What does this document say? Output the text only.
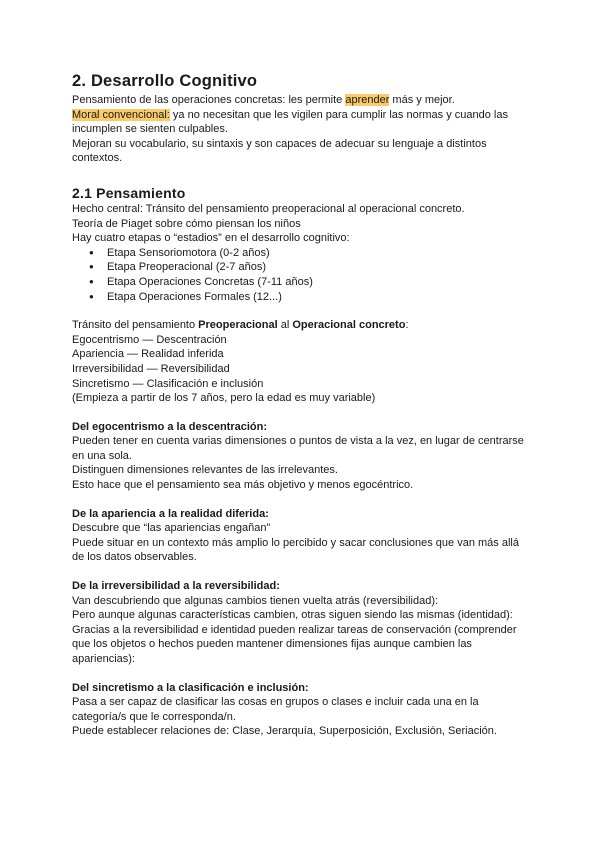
2. Desarrollo Cognitivo

Pensamiento de las operaciones concretas: les permite aprender más y mejor.

Moral convencional: ya no necesitan que les vigilen para cumplir las normas y cuando las incumplen se sienten culpables.

Mejoran su vocabulario, su sintaxis y son capaces de adecuar su lenguaje a distintos contextos.

2.1 Pensamiento

Hecho central: Tránsito del pensamiento preoperacional al operacional concreto.

Teoría de Piaget sobre cómo piensan los niños

Hay cuatro etapas o “estadios” en el desarrollo cognitivo:

● Etapa Sensoriomotora (0-2 años)
● Etapa Preoperacional (2-7 años)
● Etapa Operaciones Concretas (7-11 años)
● Etapa Operaciones Formales (12...)

Tránsito del pensamiento Preoperacional al Operacional concreto:

Egocentrismo — Descentración

Apariencia — Realidad inferida

Irreversibilidad — Reversibilidad

Sincretismo — Clasificación e inclusión

(Empieza a partir de los 7 años, pero la edad es muy variable)

Del egocentrismo a la descentración:

Pueden tener en cuenta varias dimensiones o puntos de vista a la vez, en lugar de centrarse en una sola.

Distinguen dimensiones relevantes de las irrelevantes.

Esto hace que el pensamiento sea más objetivo y menos egocéntrico.

De la apariencia a la realidad diferida:

Descubre que “las apariencias engañan”

Puede situar en un contexto más amplio lo percibido y sacar conclusiones que van más allá de los datos observables.

De la irreversibilidad a la reversibilidad:

Van descubriendo que algunas cambios tienen vuelta atrás (reversibilidad):

Pero aunque algunas características cambien, otras siguen siendo las mismas (identidad):

Gracias a la reversibilidad e identidad pueden realizar tareas de conservación (comprender que los objetos o hechos pueden mantener dimensiones fijas aunque cambien las apariencias):

Del sincretismo a la clasificación e inclusión:

Pasa a ser capaz de clasificar las cosas en grupos o clases e incluir cada una en la categoría/s que le corresponda/n.

Puede establecer relaciones de: Clase, Jerarquía, Superposición, Exclusión, Seriación.
